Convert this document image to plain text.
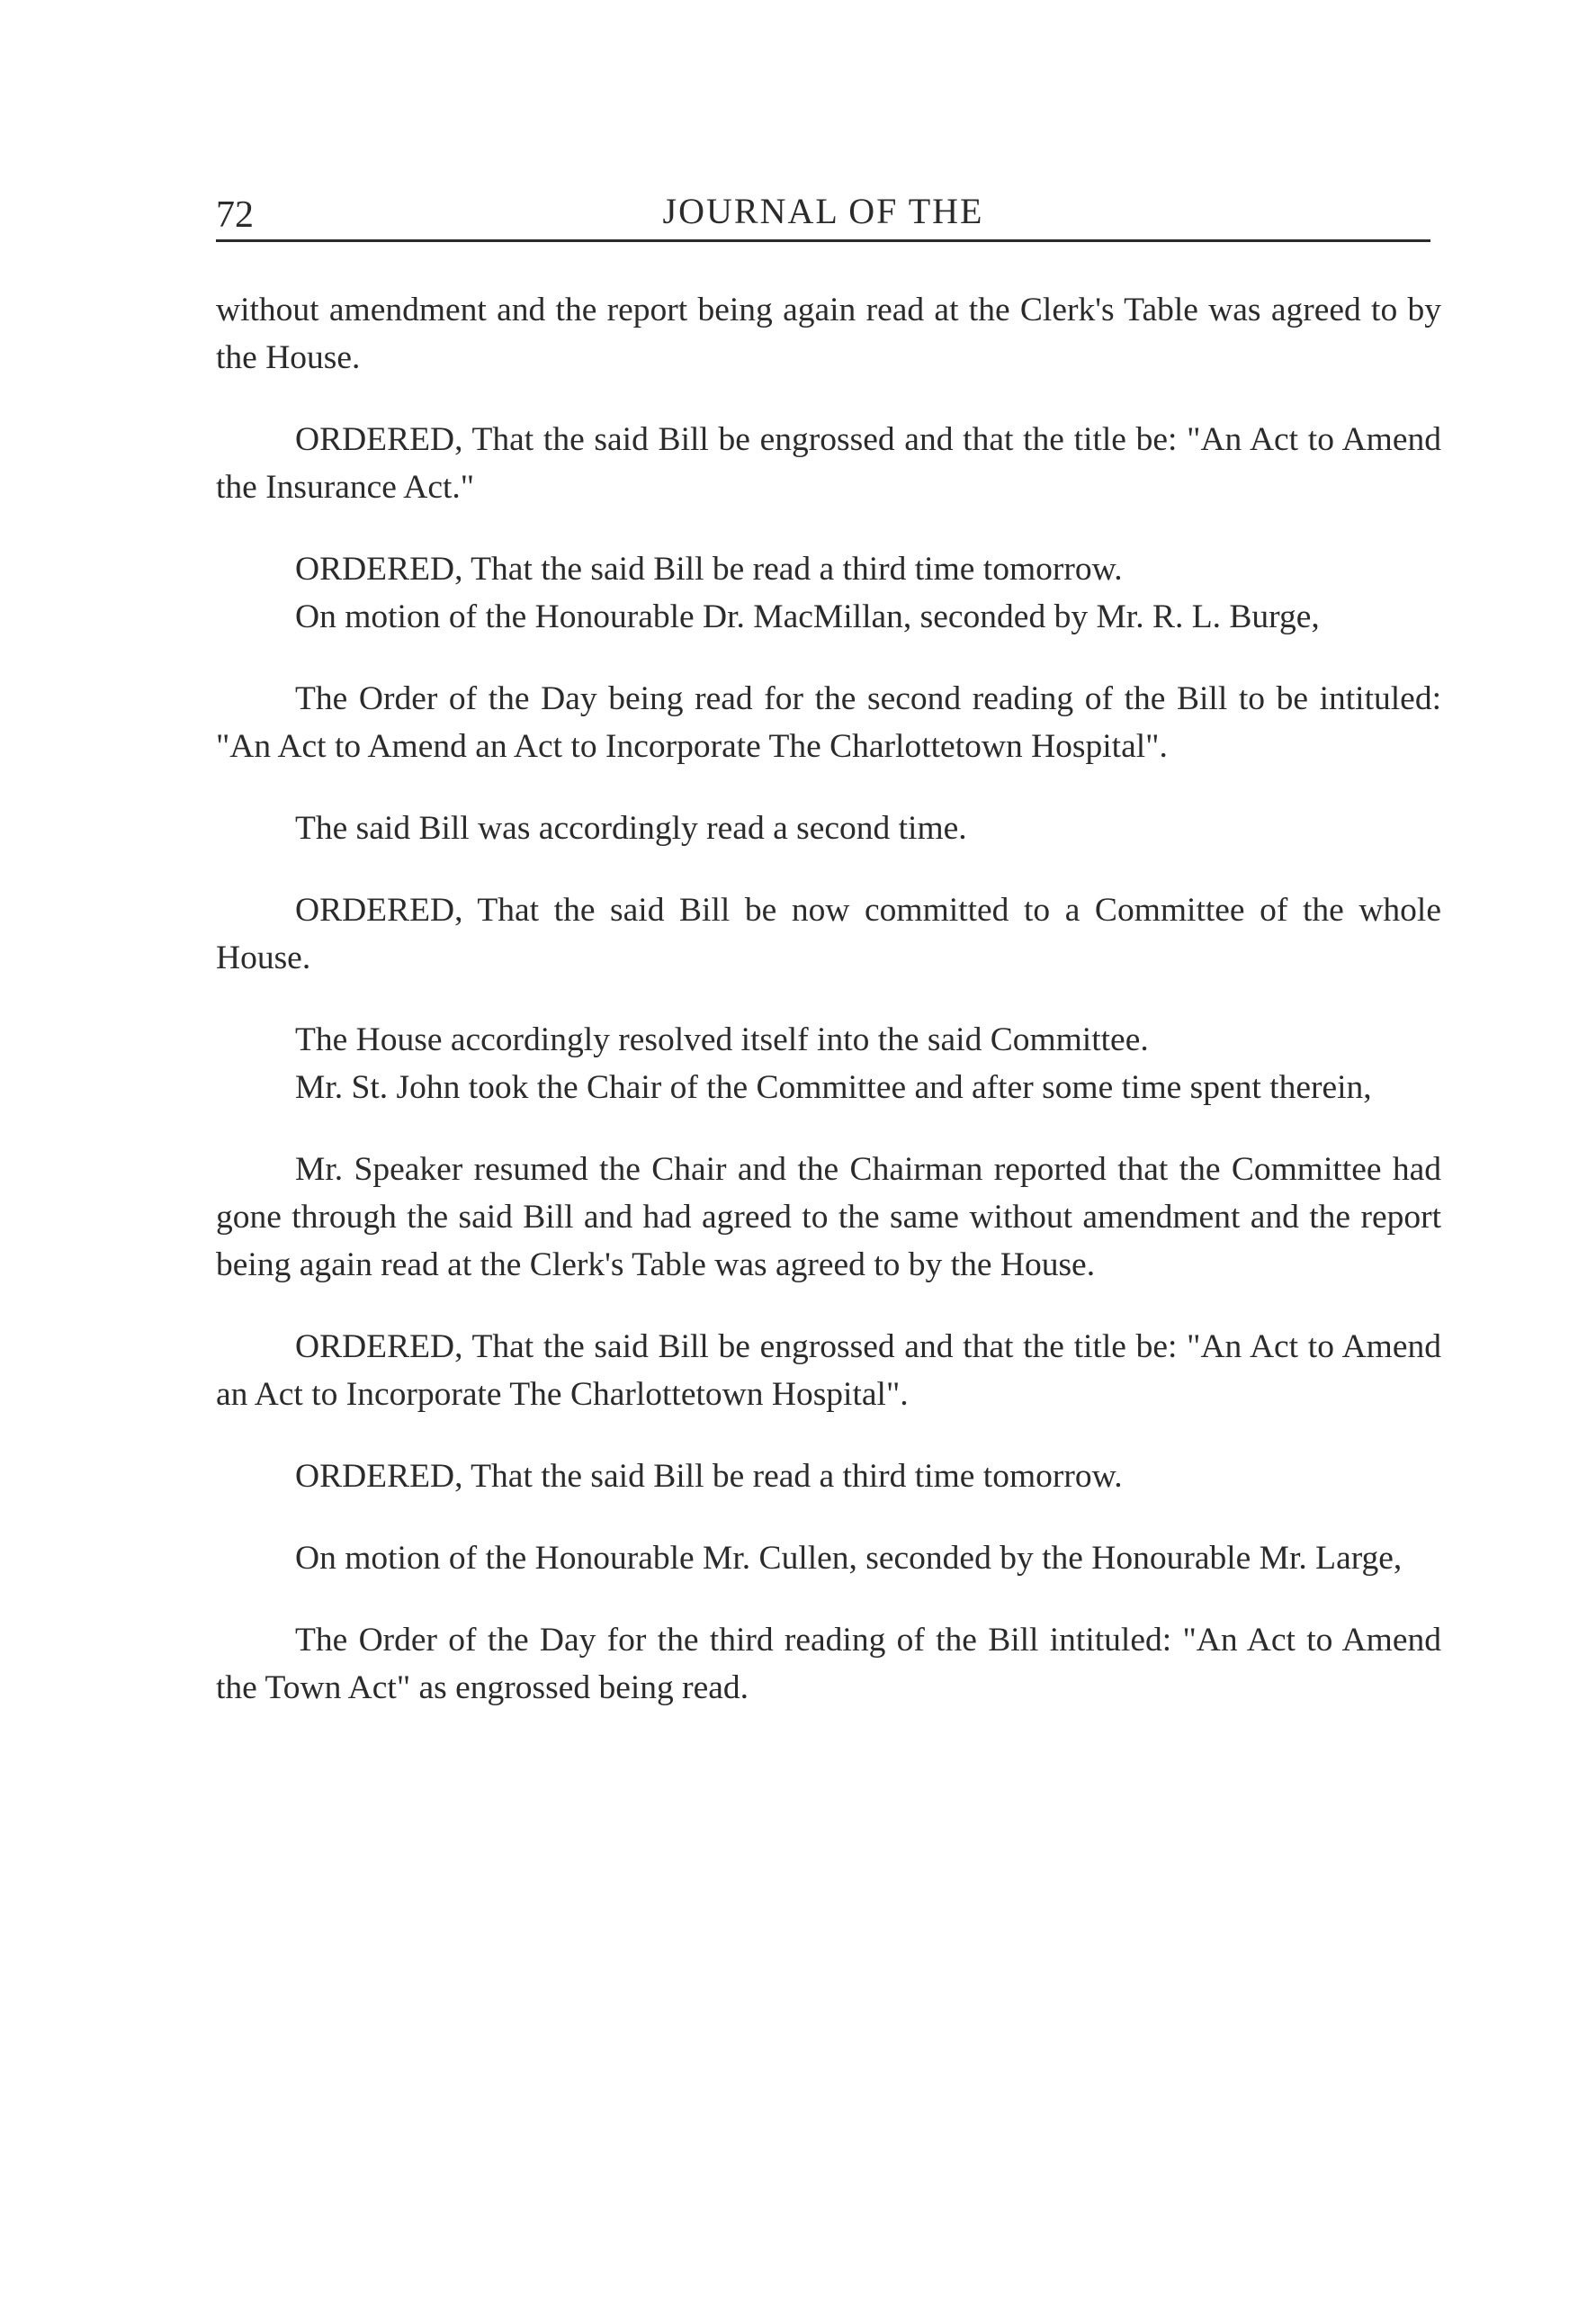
72	JOURNAL OF THE

without amendment and the report being again read at the Clerk's Table was agreed to by the House.

ORDERED, That the said Bill be engrossed and that the title be: "An Act to Amend the Insurance Act."

ORDERED, That the said Bill be read a third time tomorrow.

On motion of the Honourable Dr. MacMillan, seconded by Mr. R. L. Burge,

The Order of the Day being read for the second reading of the Bill to be intituled: "An Act to Amend an Act to Incorporate The Charlottetown Hospital".

The said Bill was accordingly read a second time.

ORDERED, That the said Bill be now committed to a Committee of the whole House.

The House accordingly resolved itself into the said Committee.

Mr. St. John took the Chair of the Committee and after some time spent therein,

Mr. Speaker resumed the Chair and the Chairman reported that the Committee had gone through the said Bill and had agreed to the same without amendment and the report being again read at the Clerk's Table was agreed to by the House.

ORDERED, That the said Bill be engrossed and that the title be: "An Act to Amend an Act to Incorporate The Charlottetown Hospital".

ORDERED, That the said Bill be read a third time tomorrow.

On motion of the Honourable Mr. Cullen, seconded by the Honourable Mr. Large,

The Order of the Day for the third reading of the Bill intituled: "An Act to Amend the Town Act" as engrossed being read.
